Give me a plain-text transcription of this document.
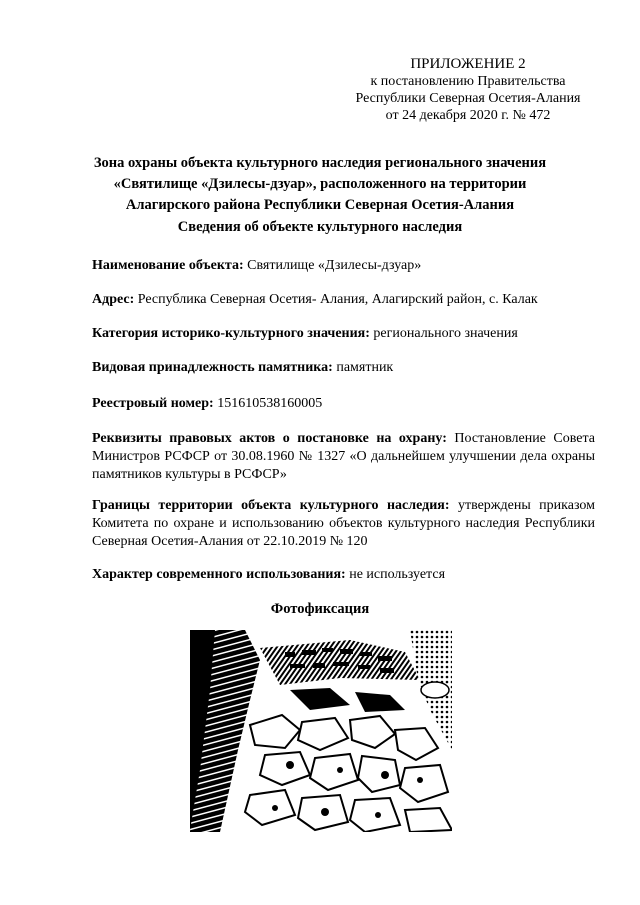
ПРИЛОЖЕНИЕ 2
к постановлению Правительства
Республики Северная Осетия-Алания
от 24 декабря 2020 г. № 472
Зона охраны объекта культурного наследия регионального значения
«Святилище «Дзилесы-дзуар», расположенного на территории
Алагирского района Республики Северная Осетия-Алания
Сведения об объекте культурного наследия
Наименование объекта: Святилище «Дзилесы-дзуар»
Адрес: Республика Северная Осетия- Алания, Алагирский район, с. Калак
Категория историко-культурного значения: регионального значения
Видовая принадлежность памятника: памятник
Реестровый номер: 151610538160005
Реквизиты правовых актов о постановке на охрану: Постановление Совета Министров РСФСР от 30.08.1960 № 1327 «О дальнейшем улучшении дела охраны памятников культуры в РСФСР»
Границы территории объекта культурного наследия: утверждены приказом Комитета по охране и использованию объектов культурного наследия Республики Северная Осетия-Алания от 22.10.2019 № 120
Характер современного использования: не используется
Фотофиксация
